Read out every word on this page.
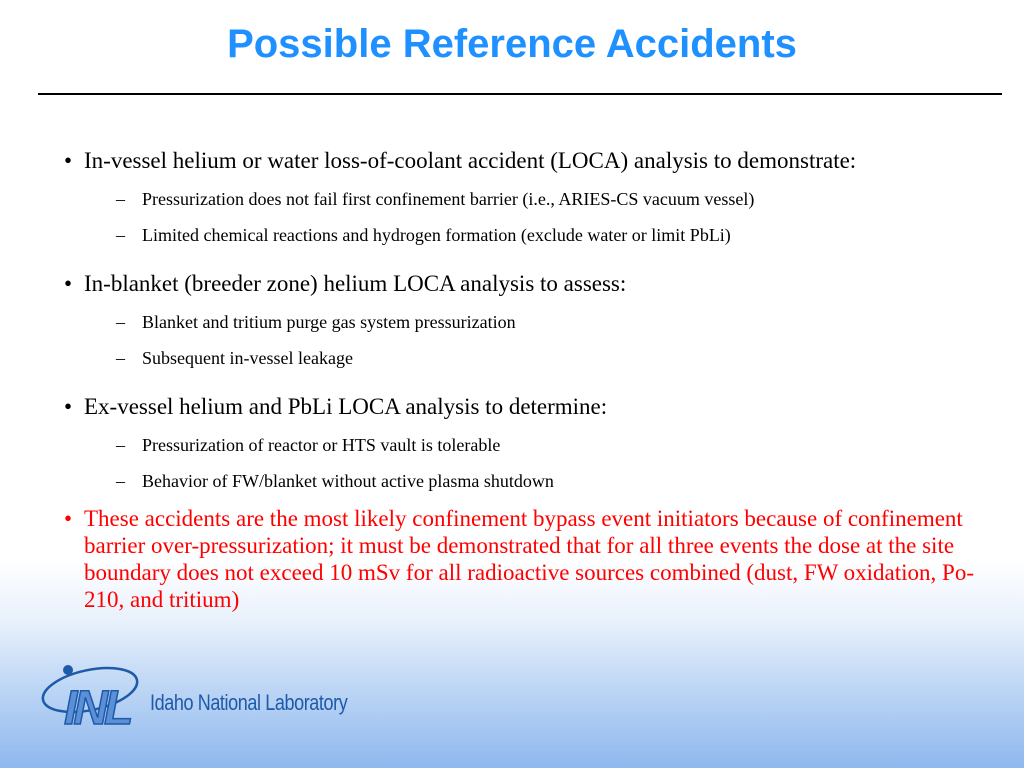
Possible Reference Accidents
• In-vessel helium or water loss-of-coolant accident (LOCA) analysis to demonstrate:
– Pressurization does not fail first confinement barrier (i.e., ARIES-CS vacuum vessel)
– Limited chemical reactions and hydrogen formation (exclude water or limit PbLi)
• In-blanket (breeder zone) helium LOCA analysis to assess:
– Blanket and tritium purge gas system pressurization
– Subsequent in-vessel leakage
• Ex-vessel helium and PbLi LOCA analysis to determine:
– Pressurization of reactor or HTS vault is tolerable
– Behavior of FW/blanket without active plasma shutdown
• These accidents are the most likely confinement bypass event initiators because of confinement barrier over-pressurization; it must be demonstrated that for all three events the dose at the site boundary does not exceed 10 mSv for all radioactive sources combined (dust, FW oxidation, Po-210, and tritium)
INL Idaho National Laboratory
